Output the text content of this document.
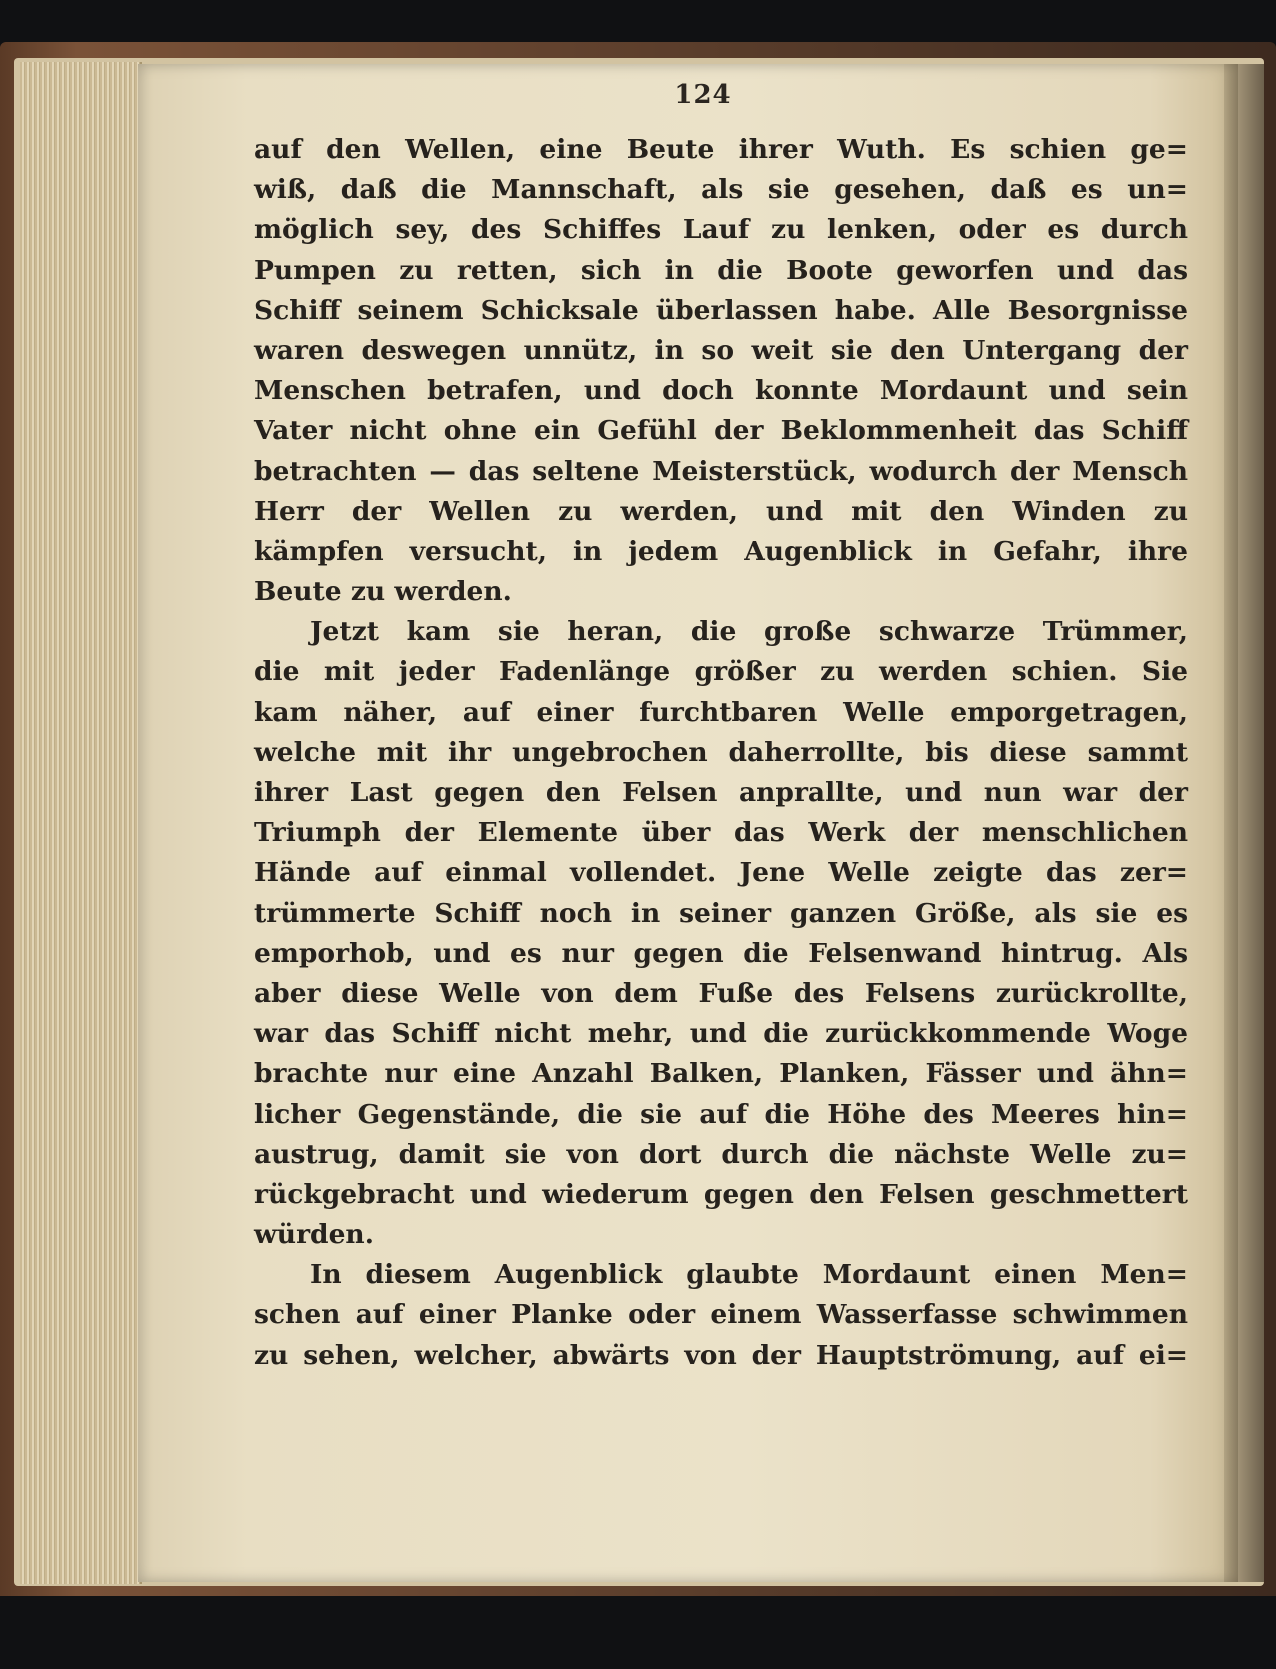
124
auf den Wellen, eine Beute ihrer Wuth. Es schien ge=
wiß, daß die Mannschaft, als sie gesehen, daß es un=
möglich sey, des Schiffes Lauf zu lenken, oder es durch
Pumpen zu retten, sich in die Boote geworfen und das
Schiff seinem Schicksale überlassen habe. Alle Besorgnisse
waren deswegen unnütz, in so weit sie den Untergang der
Menschen betrafen, und doch konnte Mordaunt und sein
Vater nicht ohne ein Gefühl der Beklommenheit das Schiff
betrachten — das seltene Meisterstück, wodurch der Mensch
Herr der Wellen zu werden, und mit den Winden zu
kämpfen versucht, in jedem Augenblick in Gefahr, ihre
Beute zu werden.
Jetzt kam sie heran, die große schwarze Trümmer,
die mit jeder Fadenlänge größer zu werden schien. Sie
kam näher, auf einer furchtbaren Welle emporgetragen,
welche mit ihr ungebrochen daherrollte, bis diese sammt
ihrer Last gegen den Felsen anprallte, und nun war der
Triumph der Elemente über das Werk der menschlichen
Hände auf einmal vollendet. Jene Welle zeigte das zer=
trümmerte Schiff noch in seiner ganzen Größe, als sie es
emporhob, und es nur gegen die Felsenwand hintrug. Als
aber diese Welle von dem Fuße des Felsens zurückrollte,
war das Schiff nicht mehr, und die zurückkommende Woge
brachte nur eine Anzahl Balken, Planken, Fässer und ähn=
licher Gegenstände, die sie auf die Höhe des Meeres hin=
austrug, damit sie von dort durch die nächste Welle zu=
rückgebracht und wiederum gegen den Felsen geschmettert
würden.
In diesem Augenblick glaubte Mordaunt einen Men=
schen auf einer Planke oder einem Wasserfasse schwimmen
zu sehen, welcher, abwärts von der Hauptströmung, auf ei=
